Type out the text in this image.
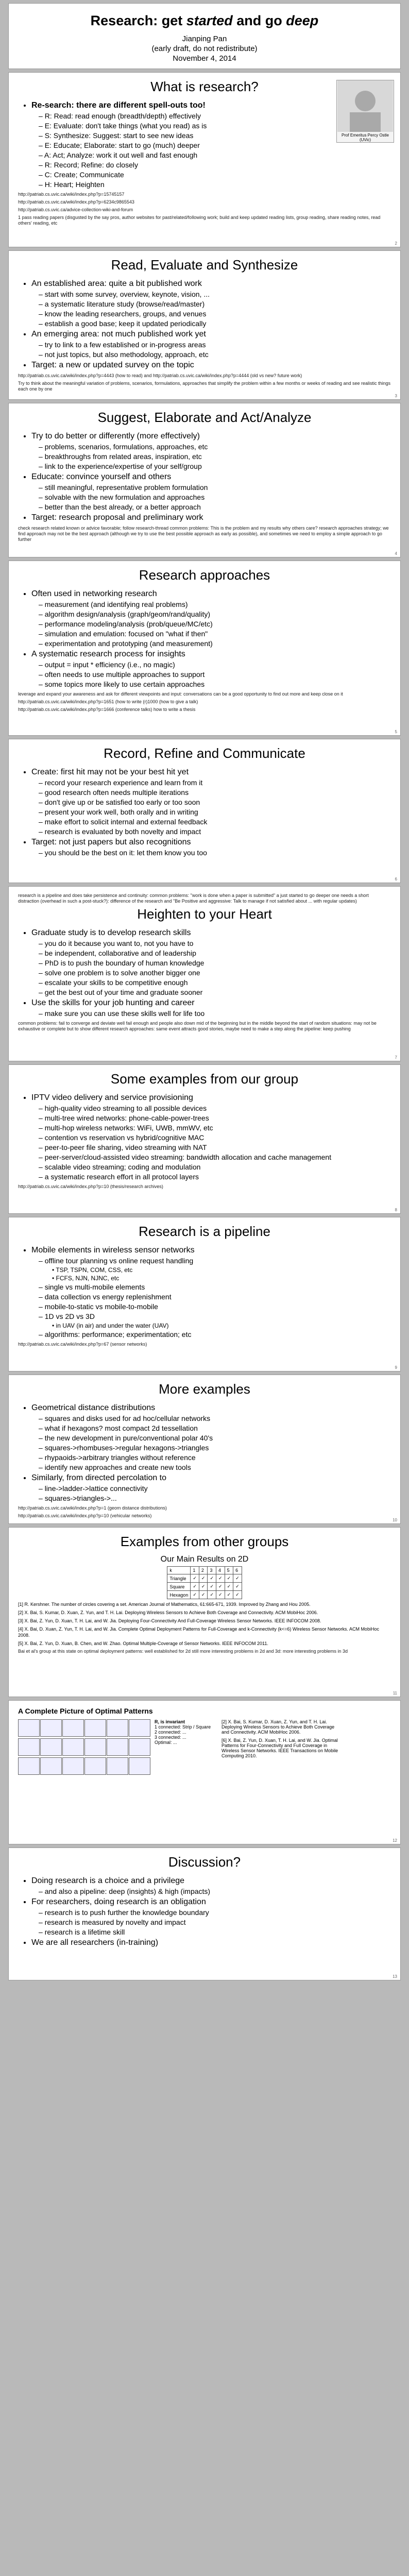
Research: get started and go deep
Jianping Pan
(early draft, do not redistribute)
November 4, 2014
What is research?
Prof Emeritus Percy Ostle (UVic)
• Re-search: there are different spell-outs too!
– R: Read: read enough (breadth/depth) effectively
– E: Evaluate: don't take things (what you read) as is
– S: Synthesize: Suggest: start to see new ideas
– E: Educate; Elaborate: start to go (much) deeper
– A: Act; Analyze: work it out well and fast enough
– R: Record; Refine: do closely
– C: Create; Communicate
– H: Heart; Heighten
http://patriab.cs.uvic.ca/wiki/index.php?p=15745157
http://patriab.cs.uvic.ca/wiki/index.php?p=6234c9865543
http://patriab.cs.uvic.ca/advice-collection-wiki-and-forum
1 pass reading papers (disgusted by the say pros, author websites for past/related/following work; build and keep updated reading lists, group reading, share reading notes, read others' reading, etc
2
Read, Evaluate and Synthesize
• An established area: quite a bit published work
– start with some survey, overview, keynote, vision, ...
– a systematic literature study (browse/read/master)
– know the leading researchers, groups, and venues
– establish a good base; keep it updated periodically
• An emerging area: not much published work yet
– try to link to a few established or in-progress areas
– not just topics, but also methodology, approach, etc
• Target: a new or updated survey on the topic
http://patriab.cs.uvic.ca/wiki/index.php?p=4443 (how to read) and http://patriab.cs.uvic.ca/wiki/index.php?p=4444 (old vs new? future work)
Try to think about the meaningful variation of problems, scenarios, formulations, approaches that simplify the problem within a few months or weeks of reading and see realistic things each one by one
3
Suggest, Elaborate and Act/Analyze
• Try to do better or differently (more effectively)
– problems, scenarios, formulations, approaches, etc
– breakthroughs from related areas, inspiration, etc
– link to the experience/expertise of your self/group
• Educate: convince yourself and others
– still meaningful, representative problem formulation
– solvable with the new formulation and approaches
– better than the best already, or a better approach
• Target: research proposal and preliminary work
check research related known or advice favorable; follow research-thread common problems: This is the problem and my results why others care? research approaches strategy; we find approach may not be the best approach (although we try to use the best possible approach as early as possible), and sometimes we need to employ a simple approach to go further
4
Research approaches
• Often used in networking research
– measurement (and identifying real problems)
– algorithm design/analysis (graph/geom/rand/quality)
– performance modeling/analysis (prob/queue/MC/etc)
– simulation and emulation: focused on "what if then"
– experimentation and prototyping (and measurement)
• A systematic research process for insights
– output = input * efficiency (i.e., no magic)
– often needs to use multiple approaches to support
– some topics more likely to use certain approaches
leverage and expand your awareness and ask for different viewpoints and input: conversations can be a good opportunity to find out more and keep close on it
http://patriab.cs.uvic.ca/wiki/index.php?p=1651 (how to write (r)1000 (how to give a talk)
http://patriab.cs.uvic.ca/wiki/index.php?p=1666 (conference talks) how to write a thesis
5
Record, Refine and Communicate
• Create: first hit may not be your best hit yet
– record your research experience and learn from it
– good research often needs multiple iterations
– don't give up or be satisfied too early or too soon
– present your work well, both orally and in writing
– make effort to solicit internal and external feedback
– research is evaluated by both novelty and impact
• Target: not just papers but also recognitions
– you should be the best on it: let them know you too
6
research is a pipeline and does take persistence and continuity: common problems: "work is done when a paper is submitted" a just started to go deeper one needs a short distraction (overhead in such a post-stuck?): difference of the research and "Be Positive and aggressive: Talk to manage if not satisfied about ... with regular updates)
Heighten to your Heart
• Graduate study is to develop research skills
– you do it because you want to, not you have to
– be independent, collaborative and of leadership
– PhD is to push the boundary of human knowledge
– solve one problem is to solve another bigger one
– escalate your skills to be competitive enough
– get the best out of your time and graduate sooner
• Use the skills for your job hunting and career
– make sure you can use these skills well for life too
common problems: fail to converge and deviate well fail enough and people also down mid of the beginning but in the middle beyond the start of random situations: may not be exhaustive or complete but to show different research approaches: same event attracts good stories, maybe need to make a step along the pipeline: keep pushing
7
Some examples from our group
• IPTV video delivery and service provisioning
– high-quality video streaming to all possible devices
– multi-tree wired networks: phone-cable-power-trees
– multi-hop wireless networks: WiFi, UWB, mmWV, etc
– contention vs reservation vs hybrid/cognitive MAC
– peer-to-peer file sharing, video streaming with NAT
– peer-server/cloud-assisted video streaming: bandwidth allocation and cache management
– scalable video streaming; coding and modulation
– a systematic research effort in all protocol layers
http://patriab.cs.uvic.ca/wiki/index.php?p=10 (thesis/research archives)
8
Research is a pipeline
• Mobile elements in wireless sensor networks
– offline tour planning vs online request handling
• TSP, TSPN, COM, CSS, etc
• FCFS, NJN, NJNC, etc
– single vs multi-mobile elements
– data collection vs energy replenishment
– mobile-to-static vs mobile-to-mobile
– 1D vs 2D vs 3D
• in UAV (in air) and under the water (UAV)
– algorithms: performance; experimentation; etc
http://patriab.cs.uvic.ca/wiki/index.php?p=67 (sensor networks)
9
More examples
• Geometrical distance distributions
– squares and disks used for ad hoc/cellular networks
– what if hexagons? most compact 2d tessellation
– the new development in pure/conventional polar 40's
– squares->rhombuses->regular hexagons->triangles
– rhypaoids->arbitrary triangles without reference
– identify new approaches and create new tools
• Similarly, from directed percolation to
– line->ladder->lattice connectivity
– squares->triangles->...
http://patriab.cs.uvic.ca/wiki/index.php?p=1 (geom distance distributions)
http://patriab.cs.uvic.ca/wiki/index.php?p=10 (vehicular networks)
10
Examples from other groups
Our Main Results on 2D
k	1	2	3	4	5	6
Triangle	✓	✓	✓	✓	✓	✓
Square	✓	✓	✓	✓	✓	✓
Hexagon	✓	✓	✓	✓	✓	✓
[1] R. Kershner. The number of circles covering a set. American Journal of Mathematics, 61:665-671, 1939. Improved by Zhang and Hou 2005.
[2] X. Bai, S. Kumar, D. Xuan, Z. Yun, and T. H. Lai. Deploying Wireless Sensors to Achieve Both Coverage and Connectivity. ACM MobiHoc 2006.
[3] X. Bai, Z. Yun, D. Xuan, T. H. Lai, and W. Jia. Deploying Four-Connectivity And Full-Coverage Wireless Sensor Networks. IEEE INFOCOM 2008.
[4] X. Bai, D. Xuan, Z. Yun, T. H. Lai, and W. Jia. Complete Optimal Deployment Patterns for Full-Coverage and k-Connectivity (k<=6) Wireless Sensor Networks. ACM MobiHoc 2008.
[5] X. Bai, Z. Yun, D. Xuan, B. Chen, and W. Zhao. Optimal Multiple-Coverage of Sensor Networks. IEEE INFOCOM 2011.
Bai et al's group at this state on optimal deployment patterns: well established for 2d still more interesting problems in 2d and 3d: more interesting problems in 3d
11
A Complete Picture of Optimal Patterns
R, is invariant
1 connected: Strip / Square
2 connected: ...
3 connected: ...
Optimal: ...
[2] X. Bai, S. Kumar, D. Xuan, Z. Yun, and T. H. Lai. Deploying Wireless Sensors to Achieve Both Coverage and Connectivity. ACM MobiHoc 2006.
[6] X. Bai, Z. Yun, D. Xuan, T. H. Lai, and W. Jia. Optimal Patterns for Four-Connectivity and Full Coverage in Wireless Sensor Networks. IEEE Transactions on Mobile Computing 2010.
12
Discussion?
• Doing research is a choice and a privilege
– and also a pipeline: deep (insights) & high (impacts)
• For researchers, doing research is an obligation
– research is to push further the knowledge boundary
– research is measured by novelty and impact
– research is a lifetime skill
• We are all researchers (in-training)
13
